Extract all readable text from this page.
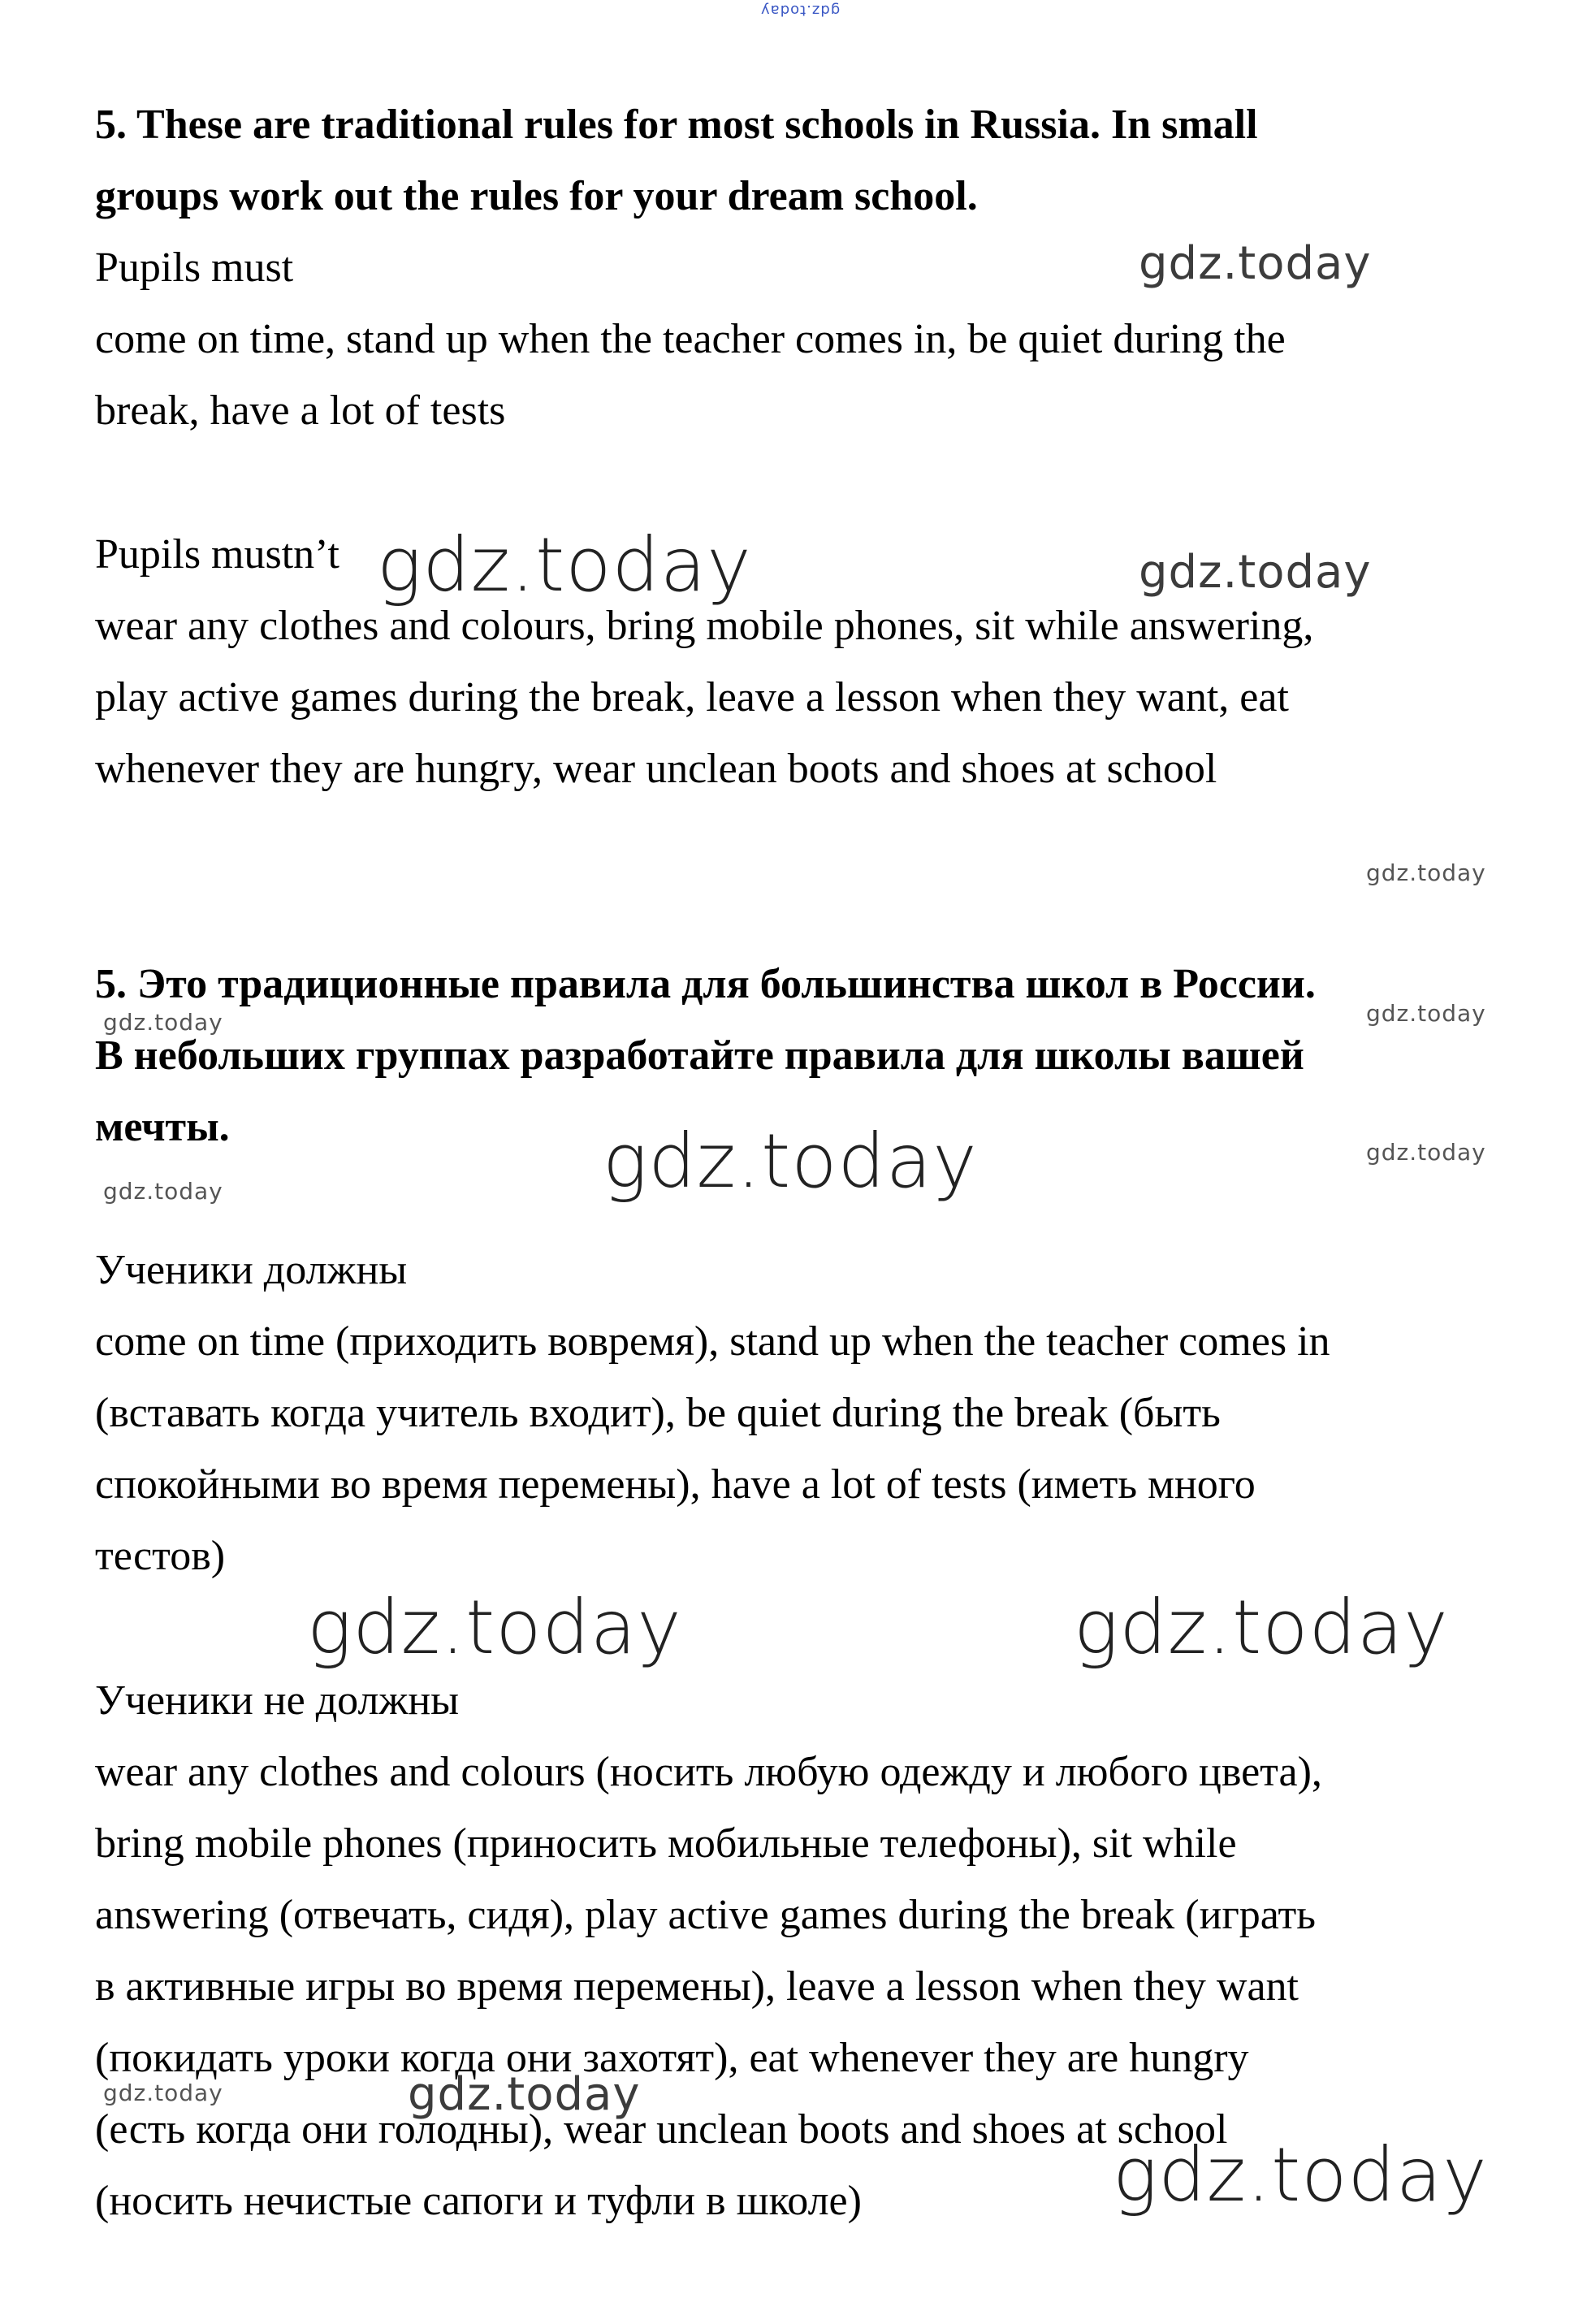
5. These are traditional rules for most schools in Russia. In small

groups work out the rules for your dream school.

Pupils must

come on time, stand up when the teacher comes in, be quiet during the

break, have a lot of tests

Pupils mustn’t

wear any clothes and colours, bring mobile phones, sit while answering,

play active games during the break, leave a lesson when they want, eat

whenever they are hungry, wear unclean boots and shoes at school

5. Это традиционные правила для большинства школ в России.

В небольших группах разработайте правила для школы вашей

мечты.

Ученики должны

come on time (приходить вовремя), stand up when the teacher comes in

(вставать когда учитель входит), be quiet during the break (быть

спокойными во время перемены), have a lot of tests (иметь много

тестов)

Ученики не должны

wear any clothes and colours (носить любую одежду и любого цвета),

bring mobile phones (приносить мобильные телефоны), sit while

answering (отвечать, сидя), play active games during the break (играть

в активные игры во время перемены), leave a lesson when they want

(покидать уроки когда они захотят), eat whenever they are hungry

(есть когда они голодны), wear unclean boots and shoes at school

(носить нечистые сапоги и туфли в школе)

gdz.today
gdz.today
gdz.today	gdz.today
gdz.today
gdz.today	gdz.today
gdz.today	gdz.today
gdz.today
gdz.today	gdz.today
gdz.today	gdz.today
gdz.today
